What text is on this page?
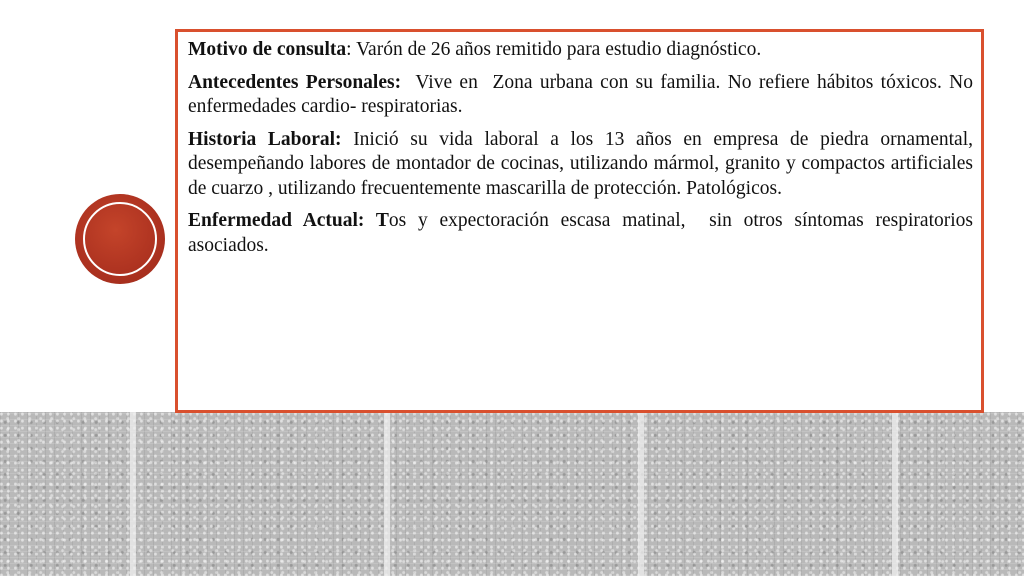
Motivo de consulta: Varón de 26 años remitido para estudio diagnóstico.

Antecedentes Personales: Vive en  Zona urbana con su familia. No refiere hábitos tóxicos. No enfermedades cardio- respiratorias.

Historia Laboral: Inició su vida laboral a los 13 años en empresa de piedra ornamental, desempeñando labores de montador de cocinas, utilizando mármol, granito y compactos artificiales de cuarzo , utilizando frecuentemente mascarilla de protección. Patológicos.

Enfermedad Actual: Tos y expectoración escasa matinal,  sin otros síntomas respiratorios asociados.
